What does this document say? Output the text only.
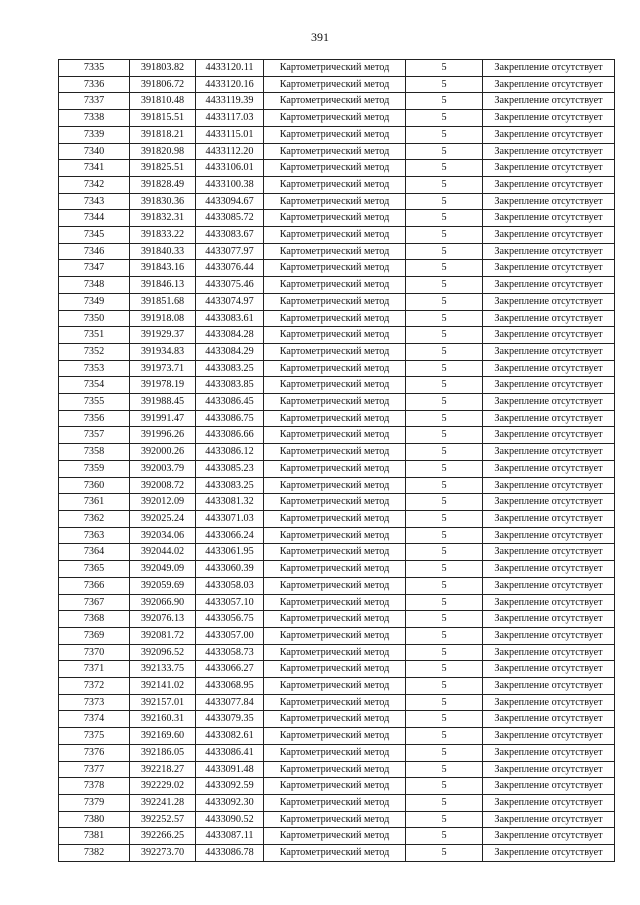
391
7335	391803.82	4433120.11	Картометрический метод	5	Закрепление отсутствует
7336	391806.72	4433120.16	Картометрический метод	5	Закрепление отсутствует
7337	391810.48	4433119.39	Картометрический метод	5	Закрепление отсутствует
7338	391815.51	4433117.03	Картометрический метод	5	Закрепление отсутствует
7339	391818.21	4433115.01	Картометрический метод	5	Закрепление отсутствует
7340	391820.98	4433112.20	Картометрический метод	5	Закрепление отсутствует
7341	391825.51	4433106.01	Картометрический метод	5	Закрепление отсутствует
7342	391828.49	4433100.38	Картометрический метод	5	Закрепление отсутствует
7343	391830.36	4433094.67	Картометрический метод	5	Закрепление отсутствует
7344	391832.31	4433085.72	Картометрический метод	5	Закрепление отсутствует
7345	391833.22	4433083.67	Картометрический метод	5	Закрепление отсутствует
7346	391840.33	4433077.97	Картометрический метод	5	Закрепление отсутствует
7347	391843.16	4433076.44	Картометрический метод	5	Закрепление отсутствует
7348	391846.13	4433075.46	Картометрический метод	5	Закрепление отсутствует
7349	391851.68	4433074.97	Картометрический метод	5	Закрепление отсутствует
7350	391918.08	4433083.61	Картометрический метод	5	Закрепление отсутствует
7351	391929.37	4433084.28	Картометрический метод	5	Закрепление отсутствует
7352	391934.83	4433084.29	Картометрический метод	5	Закрепление отсутствует
7353	391973.71	4433083.25	Картометрический метод	5	Закрепление отсутствует
7354	391978.19	4433083.85	Картометрический метод	5	Закрепление отсутствует
7355	391988.45	4433086.45	Картометрический метод	5	Закрепление отсутствует
7356	391991.47	4433086.75	Картометрический метод	5	Закрепление отсутствует
7357	391996.26	4433086.66	Картометрический метод	5	Закрепление отсутствует
7358	392000.26	4433086.12	Картометрический метод	5	Закрепление отсутствует
7359	392003.79	4433085.23	Картометрический метод	5	Закрепление отсутствует
7360	392008.72	4433083.25	Картометрический метод	5	Закрепление отсутствует
7361	392012.09	4433081.32	Картометрический метод	5	Закрепление отсутствует
7362	392025.24	4433071.03	Картометрический метод	5	Закрепление отсутствует
7363	392034.06	4433066.24	Картометрический метод	5	Закрепление отсутствует
7364	392044.02	4433061.95	Картометрический метод	5	Закрепление отсутствует
7365	392049.09	4433060.39	Картометрический метод	5	Закрепление отсутствует
7366	392059.69	4433058.03	Картометрический метод	5	Закрепление отсутствует
7367	392066.90	4433057.10	Картометрический метод	5	Закрепление отсутствует
7368	392076.13	4433056.75	Картометрический метод	5	Закрепление отсутствует
7369	392081.72	4433057.00	Картометрический метод	5	Закрепление отсутствует
7370	392096.52	4433058.73	Картометрический метод	5	Закрепление отсутствует
7371	392133.75	4433066.27	Картометрический метод	5	Закрепление отсутствует
7372	392141.02	4433068.95	Картометрический метод	5	Закрепление отсутствует
7373	392157.01	4433077.84	Картометрический метод	5	Закрепление отсутствует
7374	392160.31	4433079.35	Картометрический метод	5	Закрепление отсутствует
7375	392169.60	4433082.61	Картометрический метод	5	Закрепление отсутствует
7376	392186.05	4433086.41	Картометрический метод	5	Закрепление отсутствует
7377	392218.27	4433091.48	Картометрический метод	5	Закрепление отсутствует
7378	392229.02	4433092.59	Картометрический метод	5	Закрепление отсутствует
7379	392241.28	4433092.30	Картометрический метод	5	Закрепление отсутствует
7380	392252.57	4433090.52	Картометрический метод	5	Закрепление отсутствует
7381	392266.25	4433087.11	Картометрический метод	5	Закрепление отсутствует
7382	392273.70	4433086.78	Картометрический метод	5	Закрепление отсутствует
